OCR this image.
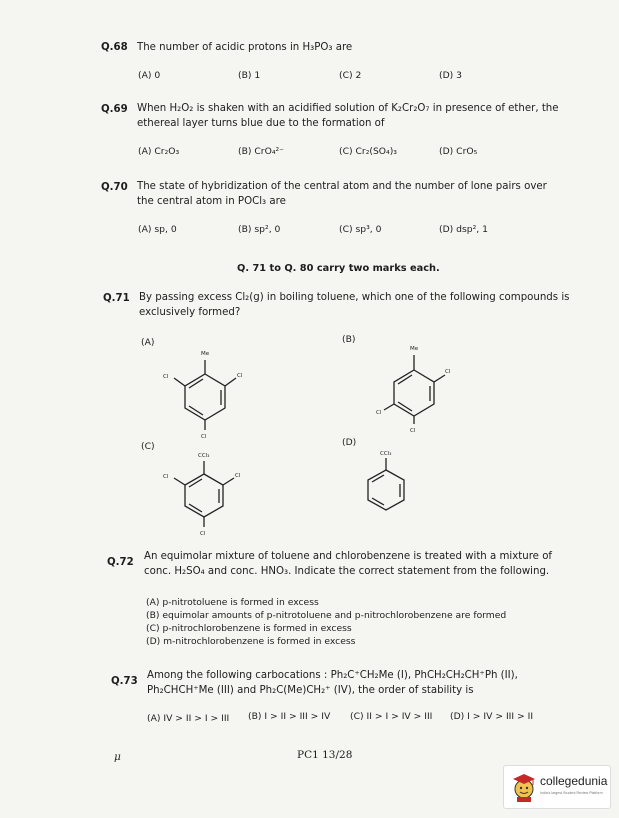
Q.68 The number of acidic protons in H₃PO₃ are
(A) 0	(B) 1	(C) 2	(D) 3
Q.69 When H₂O₂ is shaken with an acidified solution of K₂Cr₂O₇ in presence of ether, the
ethereal layer turns blue due to the formation of
(A) Cr₂O₃	(B) CrO₄²⁻	(C) Cr₂(SO₄)₃	(D) CrO₅
Q.70 The state of hybridization of the central atom and the number of lone pairs over
the central atom in POCl₃ are
(A) sp, 0	(B) sp², 0	(C) sp³, 0	(D) dsp², 1
Q. 71 to Q. 80 carry two marks each.
Q.71 By passing excess Cl₂(g) in boiling toluene, which one of the following compounds is
exclusively formed?
(A)	(B)
(C)	(D)
Me
Cl	Cl
Cl
Me
Cl
Cl
Cl
CCl₃
Cl	Cl
Cl
CCl₃
Q.72
An equimolar mixture of toluene and chlorobenzene is treated with a mixture of
conc. H₂SO₄ and conc. HNO₃. Indicate the correct statement from the following.
(A) p-nitrotoluene is formed in excess
(B) equimolar amounts of p-nitrotoluene and p-nitrochlorobenzene are formed
(C) p-nitrochlorobenzene is formed in excess
(D) m-nitrochlorobenzene is formed in excess
Q.73
Among the following carbocations : Ph₂C⁺CH₂Me (I), PhCH₂CH₂CH⁺Ph (II),
Ph₂CHCH⁺Me (III) and Ph₂C(Me)CH₂⁺ (IV), the order of stability is
(A) IV > II > I > III (B) I > II > III > IV (C) II > I > IV > III (D) I > IV > III > II
μ	PC1 13/28
collegedunia
India's largest Student Review Platform
